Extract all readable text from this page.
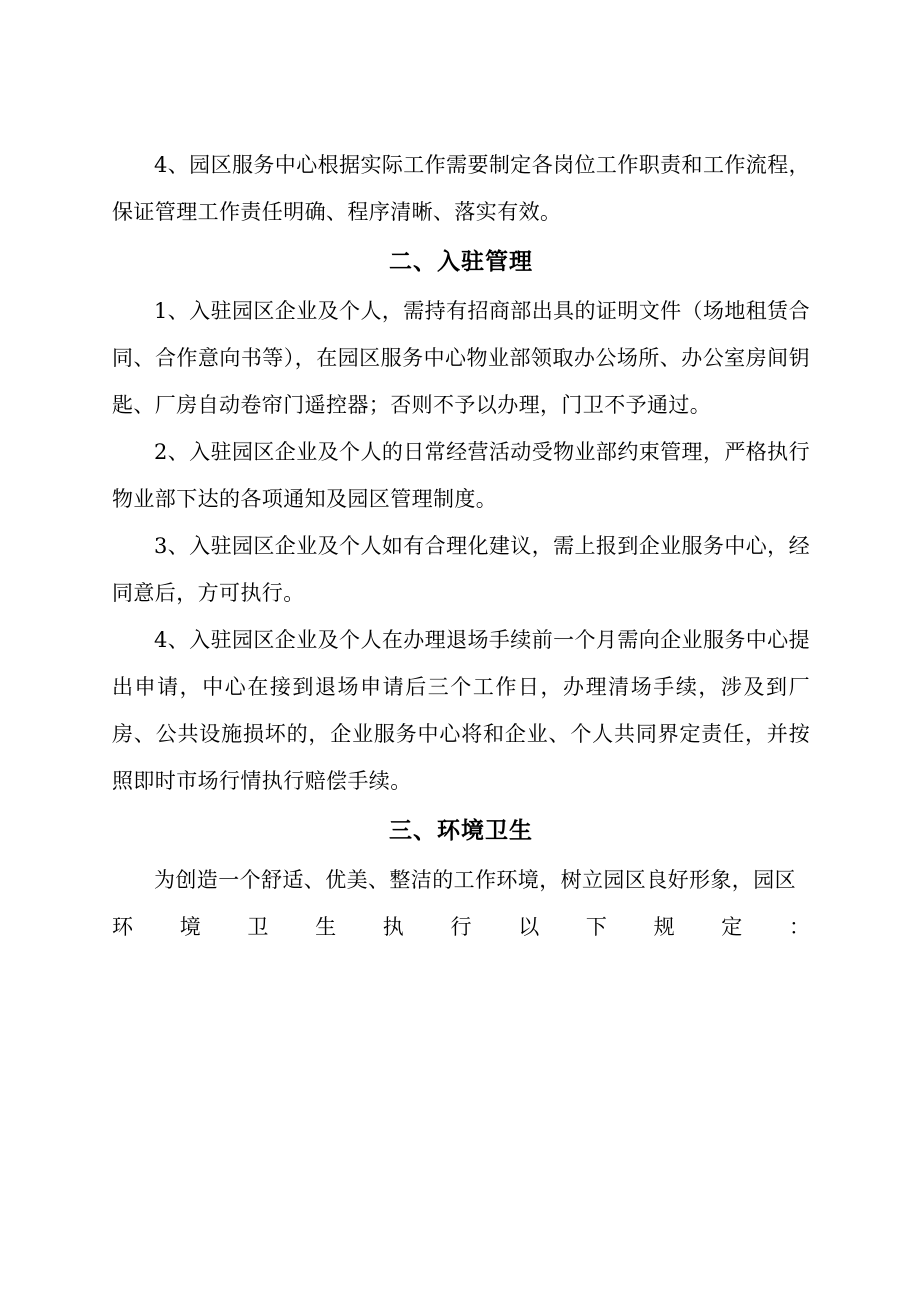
4、园区服务中心根据实际工作需要制定各岗位工作职责和工作流程，保证管理工作责任明确、程序清晰、落实有效。

二、入驻管理

1、入驻园区企业及个人，需持有招商部出具的证明文件（场地租赁合同、合作意向书等），在园区服务中心物业部领取办公场所、办公室房间钥匙、厂房自动卷帘门遥控器；否则不予以办理，门卫不予通过。

2、入驻园区企业及个人的日常经营活动受物业部约束管理，严格执行物业部下达的各项通知及园区管理制度。

3、入驻园区企业及个人如有合理化建议，需上报到企业服务中心，经同意后，方可执行。

4、入驻园区企业及个人在办理退场手续前一个月需向企业服务中心提出申请，中心在接到退场申请后三个工作日，办理清场手续，涉及到厂房、公共设施损坏的，企业服务中心将和企业、个人共同界定责任，并按照即时市场行情执行赔偿手续。

三、环境卫生

为创造一个舒适、优美、整洁的工作环境，树立园区良好形象，园区
环境卫生执行以下规定：
